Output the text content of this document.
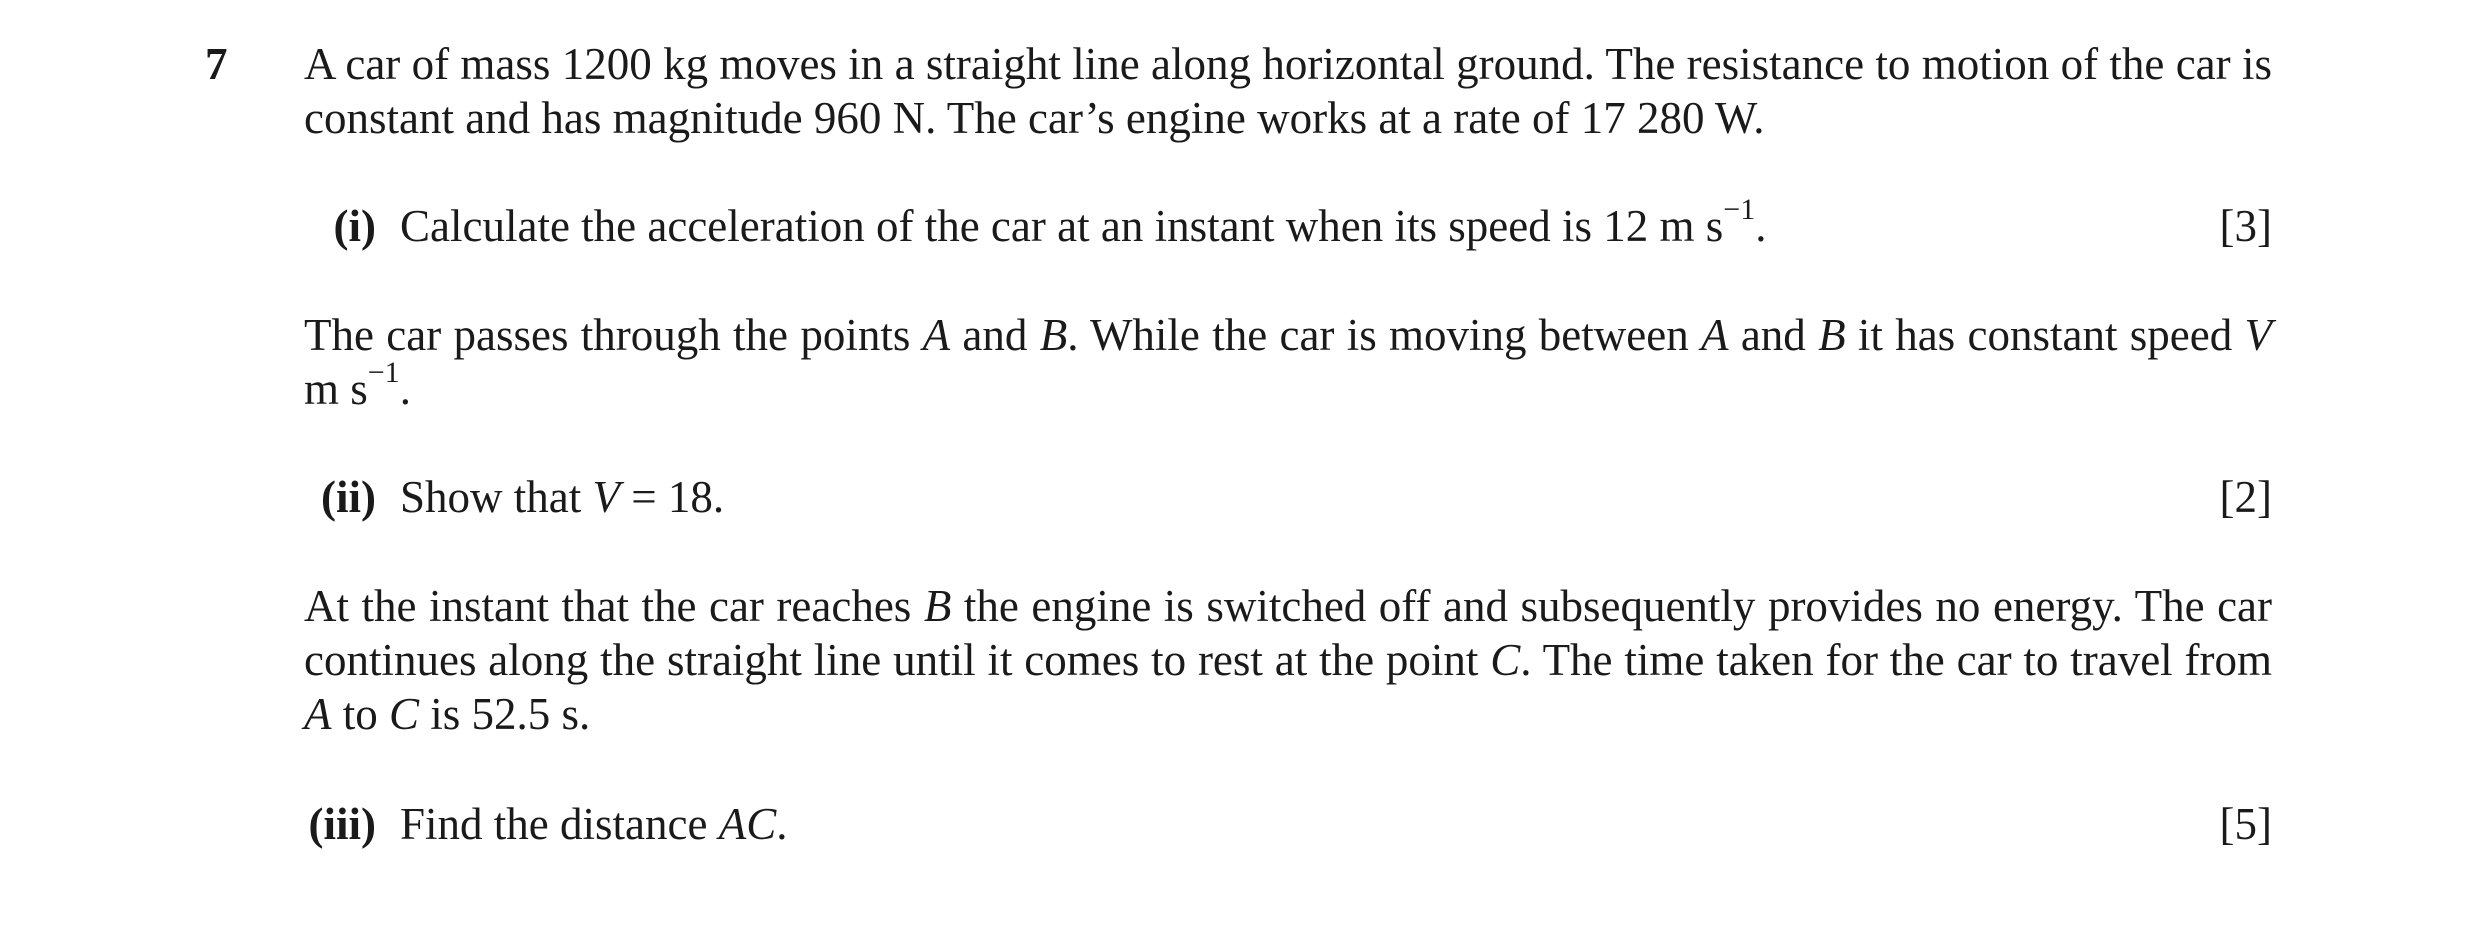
7 A car of mass 1200 kg moves in a straight line along horizontal ground. The resistance to motion of the car is constant and has magnitude 960 N. The car’s engine works at a rate of 17 280 W.
(i) Calculate the acceleration of the car at an instant when its speed is 12 m $s^{-1}$.	[3]
The car passes through the points A and B. While the car is moving between A and B it has constant speed V m $s^{-1}$.
(ii) Show that V = 18.	[2]
At the instant that the car reaches B the engine is switched off and subsequently provides no energy. The car continues along the straight line until it comes to rest at the point C. The time taken for the car to travel from A to C is 52.5 s.
(iii) Find the distance AC.	[5]
